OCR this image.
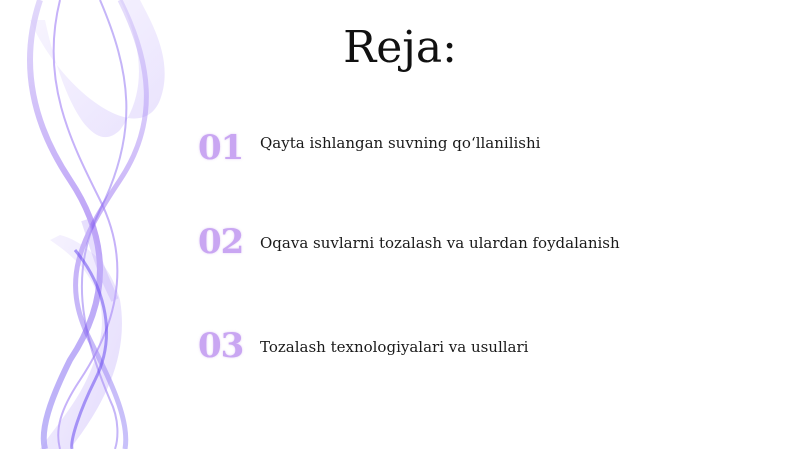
Reja:
01	Qayta ishlangan suvning qo‘llanilishi
02	Oqava suvlarni tozalash va ulardan foydalanish
03	Tozalash texnologiyalari va usullari
